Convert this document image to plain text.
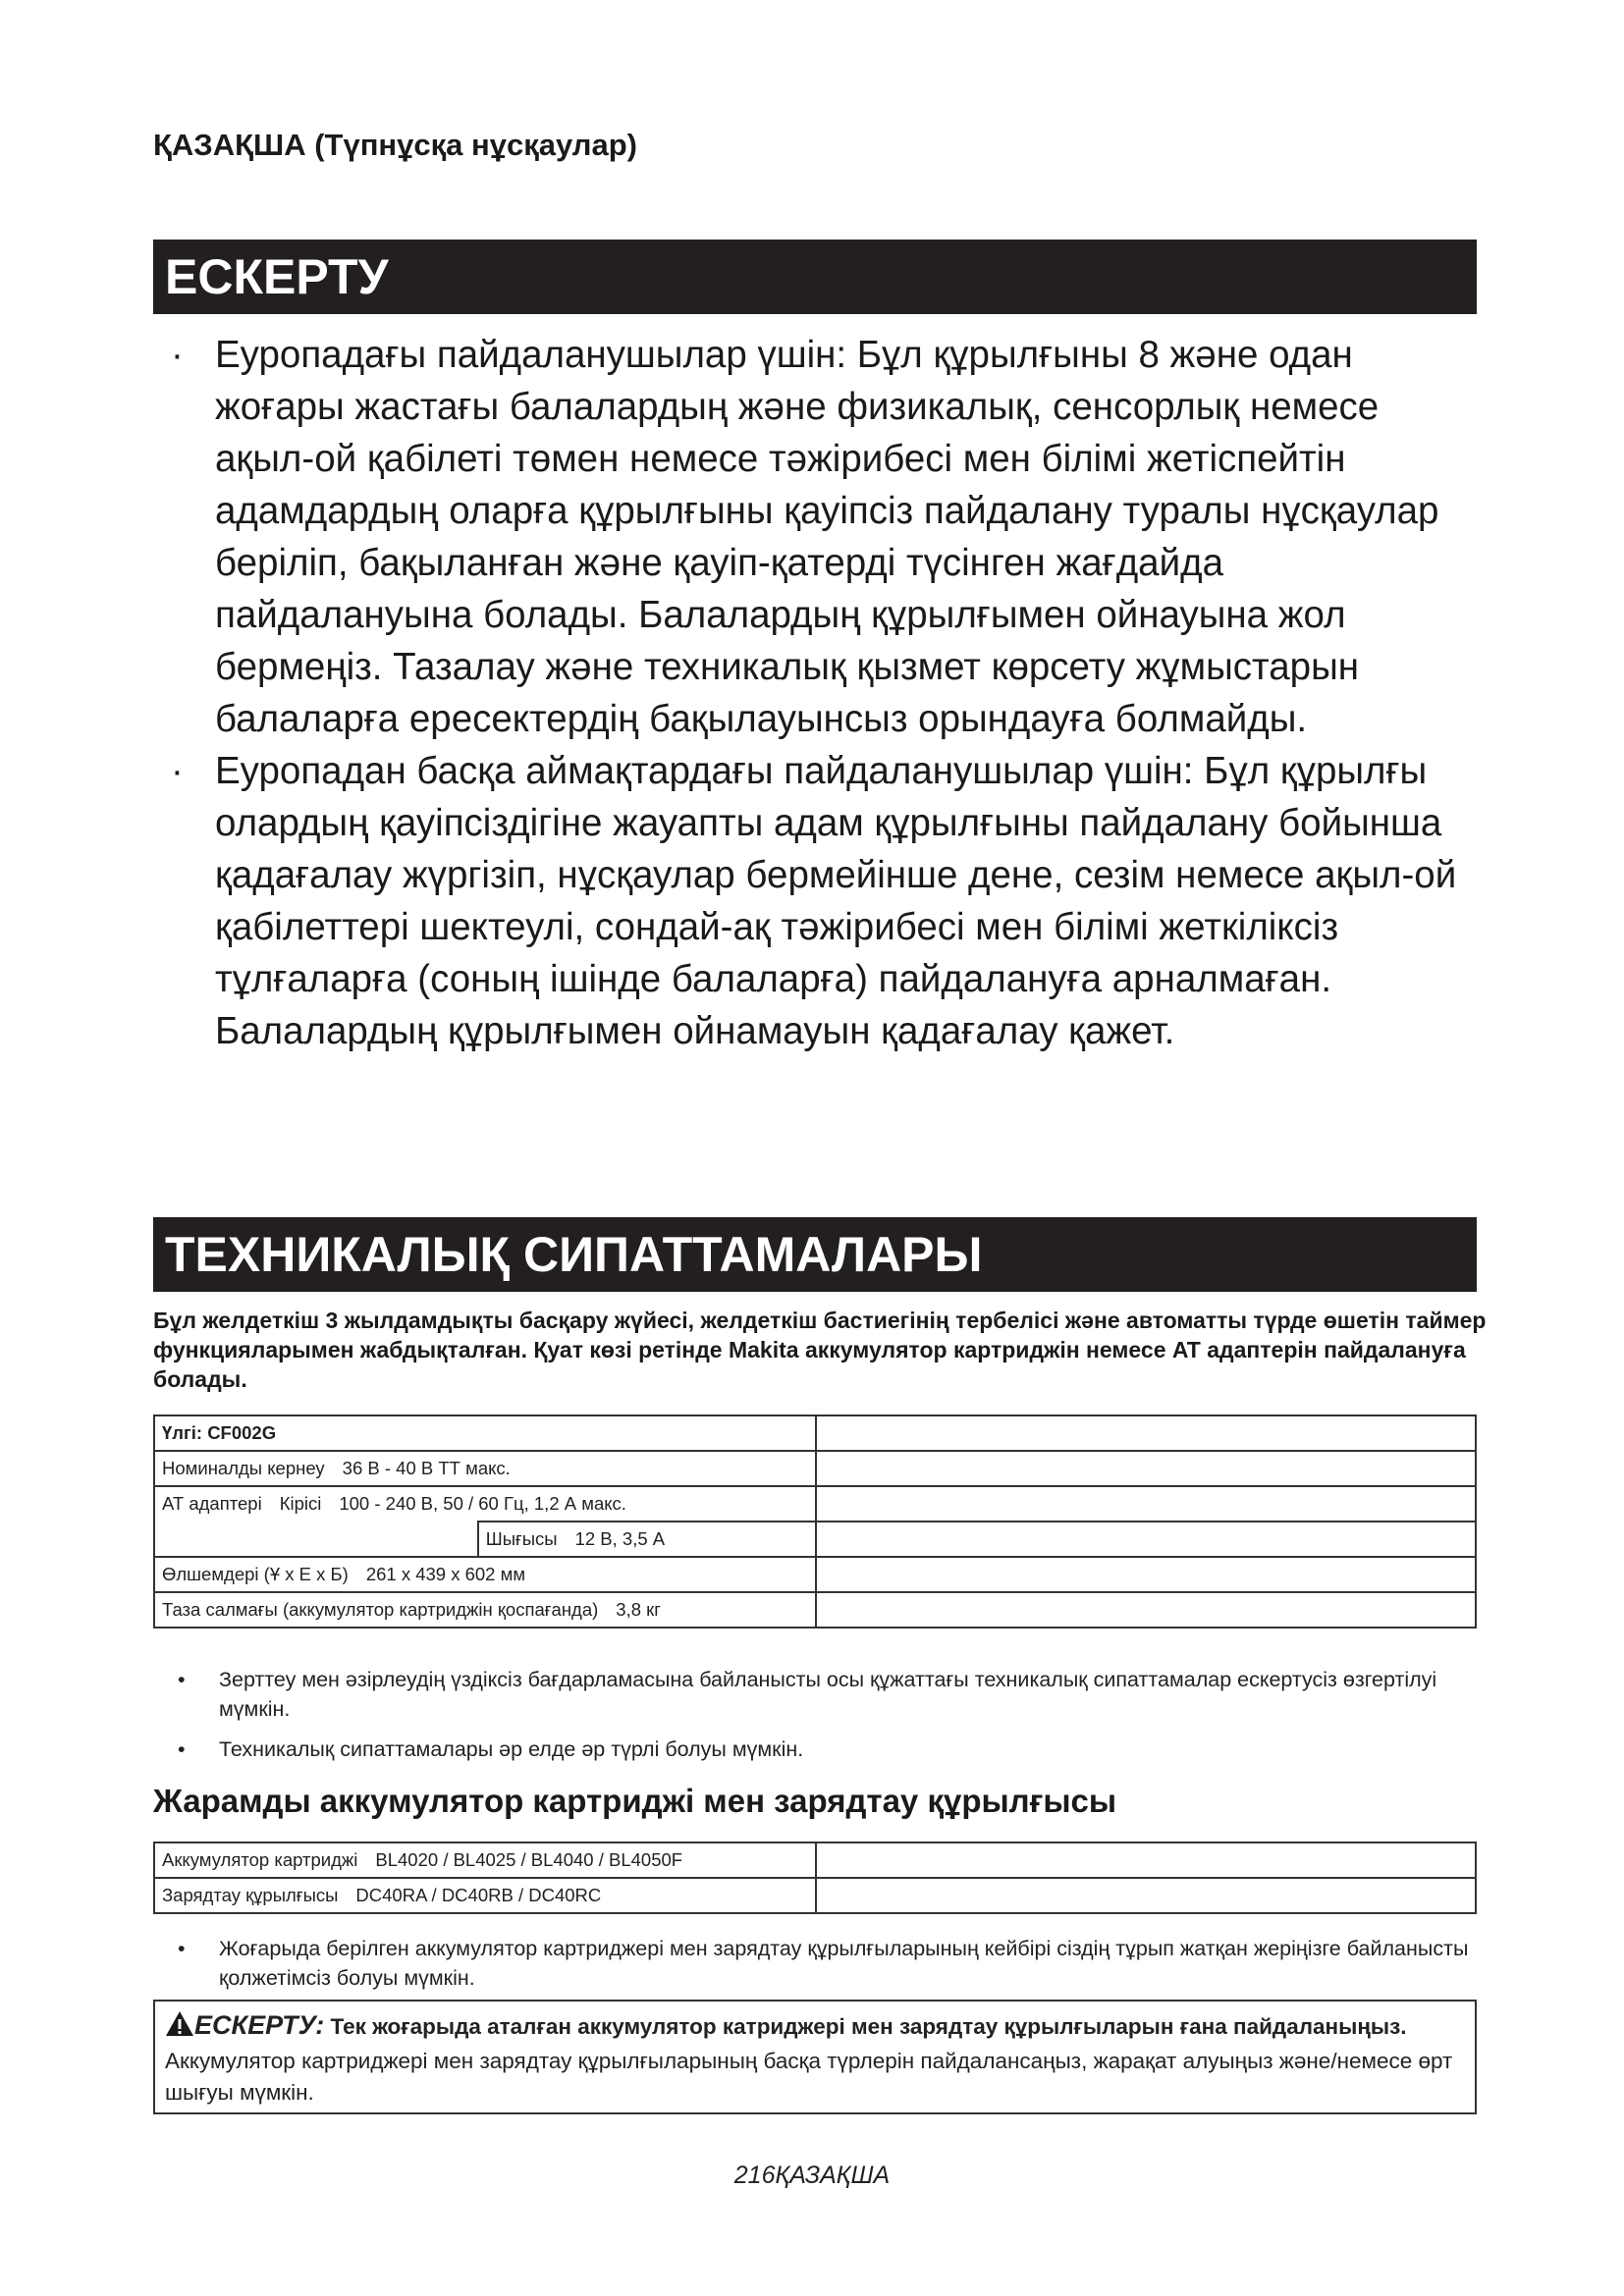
ҚАЗАҚША (Түпнұсқа нұсқаулар)
ЕСКЕРТУ
· Еуропадағы пайдаланушылар үшін: Бұл құрылғыны 8 және одан жоғары жастағы балалардың және физикалық, сенсорлық немесе ақыл-ой қабілеті төмен немесе тәжірибесі мен білімі жетіспейтін адамдардың оларға құрылғыны қауіпсіз пайдалану туралы нұсқаулар беріліп, бақыланған және қауіп-қатерді түсінген жағдайда пайдалануына болады. Балалардың құрылғымен ойнауына жол бермеңіз. Тазалау және техникалық қызмет көрсету жұмыстарын балаларға ересектердің бақылауынсыз орындауға болмайды.
· Еуропадан басқа аймақтардағы пайдаланушылар үшін: Бұл құрылғы олардың қауіпсіздігіне жауапты адам құрылғыны пайдалану бойынша қадағалау жүргізіп, нұсқаулар бермейінше дене, сезім немесе ақыл-ой қабілеттері шектеулі, сондай-ақ тәжірибесі мен білімі жеткіліксіз тұлғаларға (соның ішінде балаларға) пайдалануға арналмаған. Балалардың құрылғымен ойнамауын қадағалау қажет.
ТЕХНИКАЛЫҚ СИПАТТАМАЛАРЫ
Бұл желдеткіш 3 жылдамдықты басқару жүйесі, желдеткіш бастиегінің тербелісі және автоматты түрде өшетін таймер функцияларымен жабдықталған. Қуат көзі ретінде Makita аккумулятор картриджін немесе AT адаптерін пайдалануға болады.
Үлгі: CF002G		
Номиналды кернеу 36 В - 40 В ТТ макс.		
АТ адаптері Кірісі 100 - 240 В, 50 / 60 Гц, 1,2 А макс.		
	Шығысы 12 В, 3,5 А	
Өлшемдері (Ұ x Е x Б) 261 x 439 x 602 мм		
Таза салмағы (аккумулятор картриджін қоспағанда) 3,8 кг		
• Зерттеу мен әзірлеудің үздіксіз бағдарламасына байланысты осы құжаттағы техникалық сипаттамалар ескертусіз өзгертілуі мүмкін.
• Техникалық сипаттамалары әр елде әр түрлі болуы мүмкін.
Жарамды аккумулятор картриджі мен зарядтау құрылғысы
Аккумулятор картриджі BL4020 / BL4025 / BL4040 / BL4050F	
Зарядтау құрылғысы DC40RA / DC40RB / DC40RC	
• Жоғарыда берілген аккумулятор картриджері мен зарядтау құрылғыларының кейбірі сіздің тұрып жатқан жеріңізге байланысты қолжетімсіз болуы мүмкін.
ЕСКЕРТУ: Тек жоғарыда аталған аккумулятор катриджері мен зарядтау құрылғыларын ғана пайдаланыңыз. Аккумулятор картриджері мен зарядтау құрылғыларының басқа түрлерін пайдалансаңыз, жарақат алуыңыз және/немесе өрт шығуы мүмкін.
216ҚАЗАҚША
